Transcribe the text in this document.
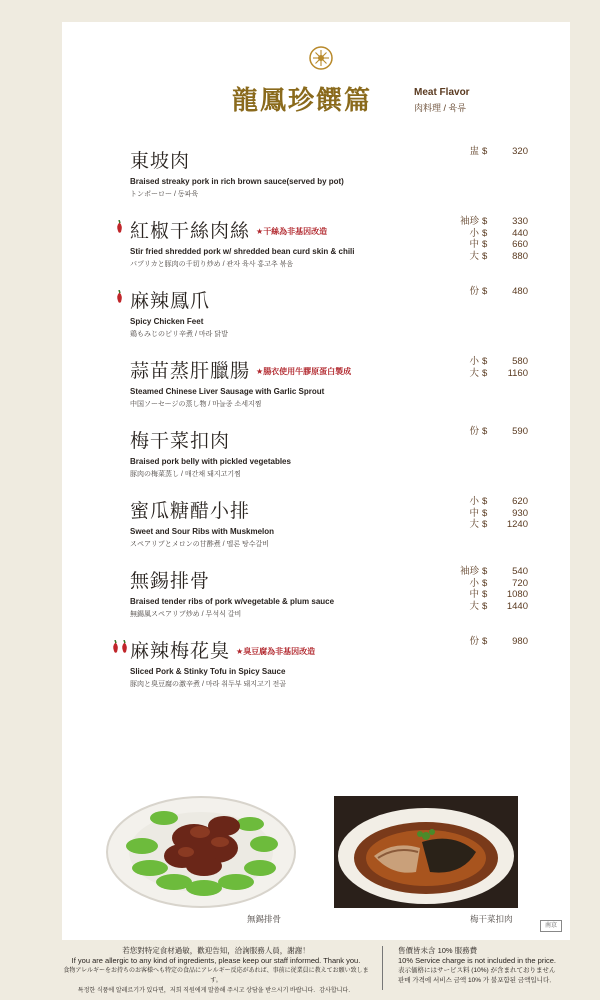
龍鳳珍饌篇	Meat Flavor
肉料理 / 육류
東坡肉
Braised streaky pork in rich brown sauce(served by pot)
トンポーロー / 동파육
盅 $	320
紅椒干絲肉絲 ★干絲為非基因改造
Stir fried shredded pork w/ shredded bean curd skin & chili
パプリカと豚肉の千切り炒め / 관자 육사 홍고추 볶음
袖珍 $	330
小 $	440
中 $	660
大 $	880
麻辣鳳爪
Spicy Chicken Feet
鶏もみじのピリ辛煮 / 마라 닭발
份 $	480
蒜苗蒸肝臘腸 ★腸衣使用牛膠原蛋白製成
Steamed Chinese Liver Sausage with Garlic Sprout
中国ソーセージの蒸し物 / 마늘종 소세지찜
小 $	580
大 $	1160
梅干菜扣肉
Braised pork belly with pickled vegetables
豚肉の梅菜蒸し / 매간채 돼지고기찜
份 $	590
蜜瓜糖醋小排
Sweet and Sour Ribs with Muskmelon
スペアリブとメロンの甘酢煮 / 멜론 탕수갈비
小 $	620
中 $	930
大 $	1240
無錫排骨
Braised tender ribs of pork w/vegetable & plum sauce
無錫風スペアリブ炒め / 무석식 갈비
袖珍 $	540
小 $	720
中 $	1080
大 $	1440
麻辣梅花臭 ★臭豆腐為非基因改造
Sliced Pork & Stinky Tofu in Spicy Sauce
豚肉と臭豆腐の激辛煮 / 마라 취두부 돼지고기 전골
份 $	980
無錫排骨	梅干菜扣肉
南京
若您對特定食材過敏，歡迎告知，洽詢服務人員，謝謝！
If you are allergic to any kind of ingredients, please keep our staff informed. Thank you.
食物アレルギーをお持ちのお客様へも特定の食品にアレルギー反応があれば、事前に従業員に教えてお願い致します。
특정한 식품에 알레르기가 있다면，저희 직원에게 말씀해 주시고 상담을 받으시기 바랍니다．감사합니다．
售價皆未含 10% 服務費
10% Service charge is not included in the price.
表示価格にはサービス料 (10%) が含まれておりません
판매 가격에 서비스 금액 10% 가 불포함된 금액입니다．
